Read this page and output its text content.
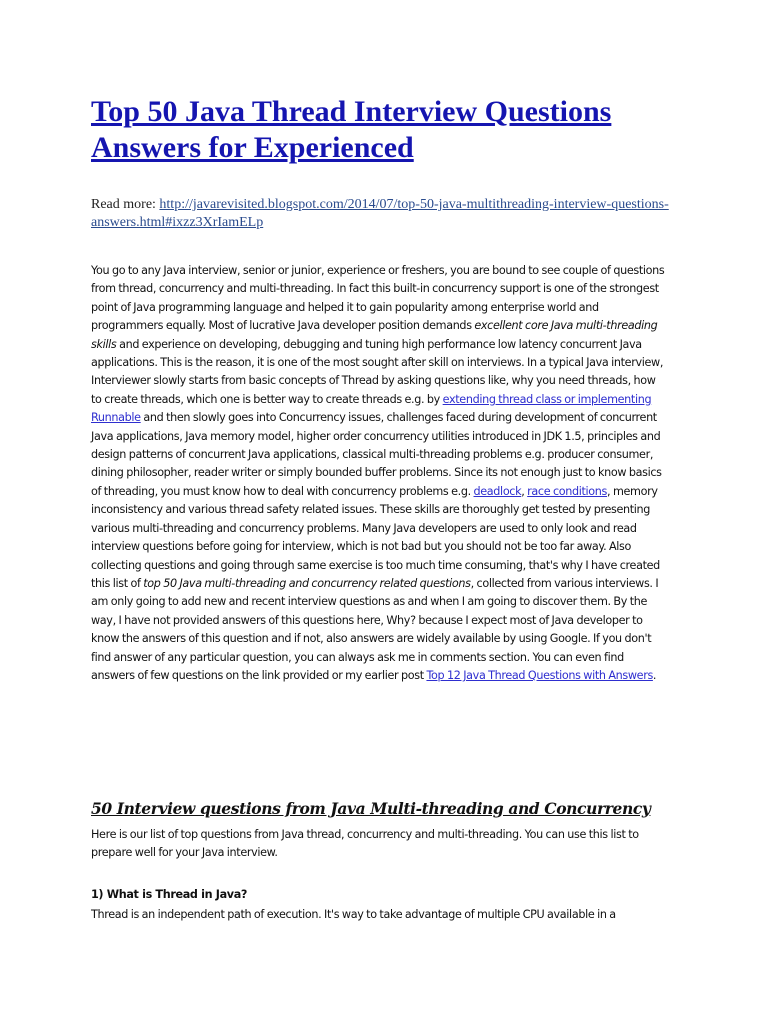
Top 50 Java Thread Interview Questions Answers for Experienced
Read more: http://javarevisited.blogspot.com/2014/07/top-50-java-multithreading-interview-questions-answers.html#ixzz3XrIamELp
You go to any Java interview, senior or junior, experience or freshers, you are bound to see couple of questions from thread, concurrency and multi-threading. In fact this built-in concurrency support is one of the strongest point of Java programming language and helped it to gain popularity among enterprise world and programmers equally. Most of lucrative Java developer position demands excellent core Java multi-threading skills and experience on developing, debugging and tuning high performance low latency concurrent Java applications. This is the reason, it is one of the most sought after skill on interviews. In a typical Java interview, Interviewer slowly starts from basic concepts of Thread by asking questions like, why you need threads, how to create threads, which one is better way to create threads e.g. by extending thread class or implementing Runnable and then slowly goes into Concurrency issues, challenges faced during development of concurrent Java applications, Java memory model, higher order concurrency utilities introduced in JDK 1.5, principles and design patterns of concurrent Java applications, classical multi-threading problems e.g. producer consumer, dining philosopher, reader writer or simply bounded buffer problems. Since its not enough just to know basics of threading, you must know how to deal with concurrency problems e.g. deadlock, race conditions, memory inconsistency and various thread safety related issues. These skills are thoroughly get tested by presenting various multi-threading and concurrency problems. Many Java developers are used to only look and read interview questions before going for interview, which is not bad but you should not be too far away. Also collecting questions and going through same exercise is too much time consuming, that's why I have created this list of top 50 Java multi-threading and concurrency related questions, collected from various interviews. I am only going to add new and recent interview questions as and when I am going to discover them. By the way, I have not provided answers of this questions here, Why? because I expect most of Java developer to know the answers of this question and if not, also answers are widely available by using Google. If you don't find answer of any particular question, you can always ask me in comments section. You can even find answers of few questions on the link provided or my earlier post Top 12 Java Thread Questions with Answers.
50 Interview questions from Java Multi-threading and Concurrency
Here is our list of top questions from Java thread, concurrency and multi-threading. You can use this list to prepare well for your Java interview.
1) What is Thread in Java?
Thread is an independent path of execution. It's way to take advantage of multiple CPU available in a
